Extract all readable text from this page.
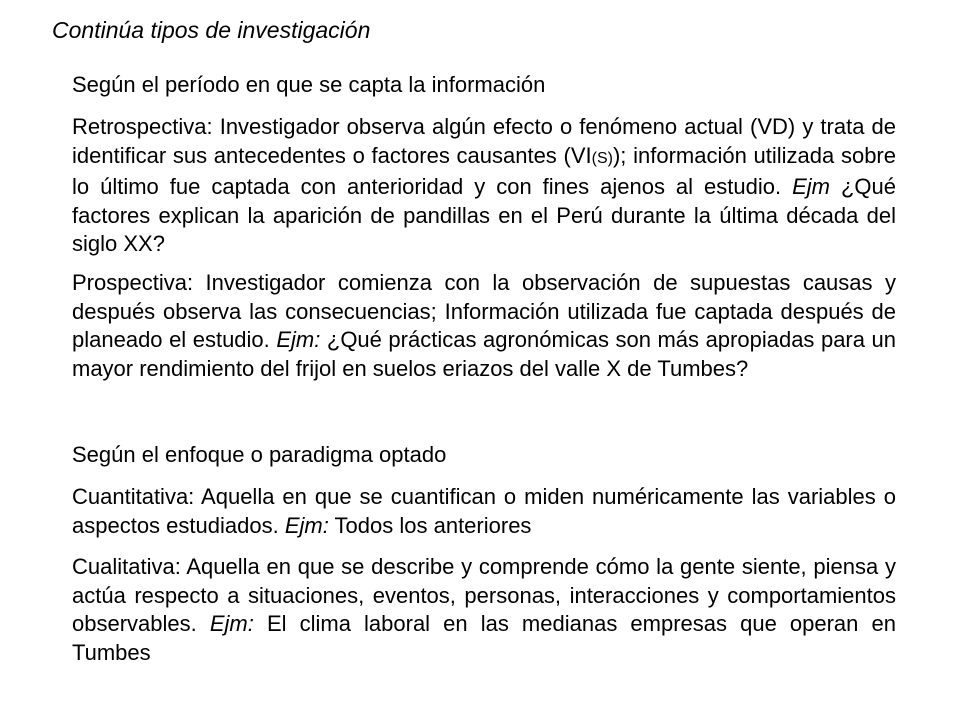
Continúa tipos de investigación
Según el período en que se capta la información
Retrospectiva: Investigador observa algún efecto o fenómeno actual (VD) y trata de identificar sus antecedentes o factores causantes (VI(S)); información utilizada sobre lo último fue captada con anterioridad y con fines ajenos al estudio. Ejm ¿Qué factores explican la aparición de pandillas en el Perú durante la última década del siglo XX?
Prospectiva: Investigador comienza con la observación de supuestas causas y después observa las consecuencias; Información utilizada fue captada después de planeado el estudio. Ejm: ¿Qué prácticas agronómicas son más apropiadas para un mayor rendimiento del frijol en suelos eriazos del valle X de Tumbes?
Según el enfoque o paradigma optado
Cuantitativa: Aquella en que se cuantifican o miden numéricamente las variables o aspectos estudiados. Ejm: Todos los anteriores
Cualitativa: Aquella en que se describe y comprende cómo la gente siente, piensa y actúa respecto a situaciones, eventos, personas, interacciones y comportamientos observables. Ejm: El clima laboral en las medianas empresas que operan en Tumbes
